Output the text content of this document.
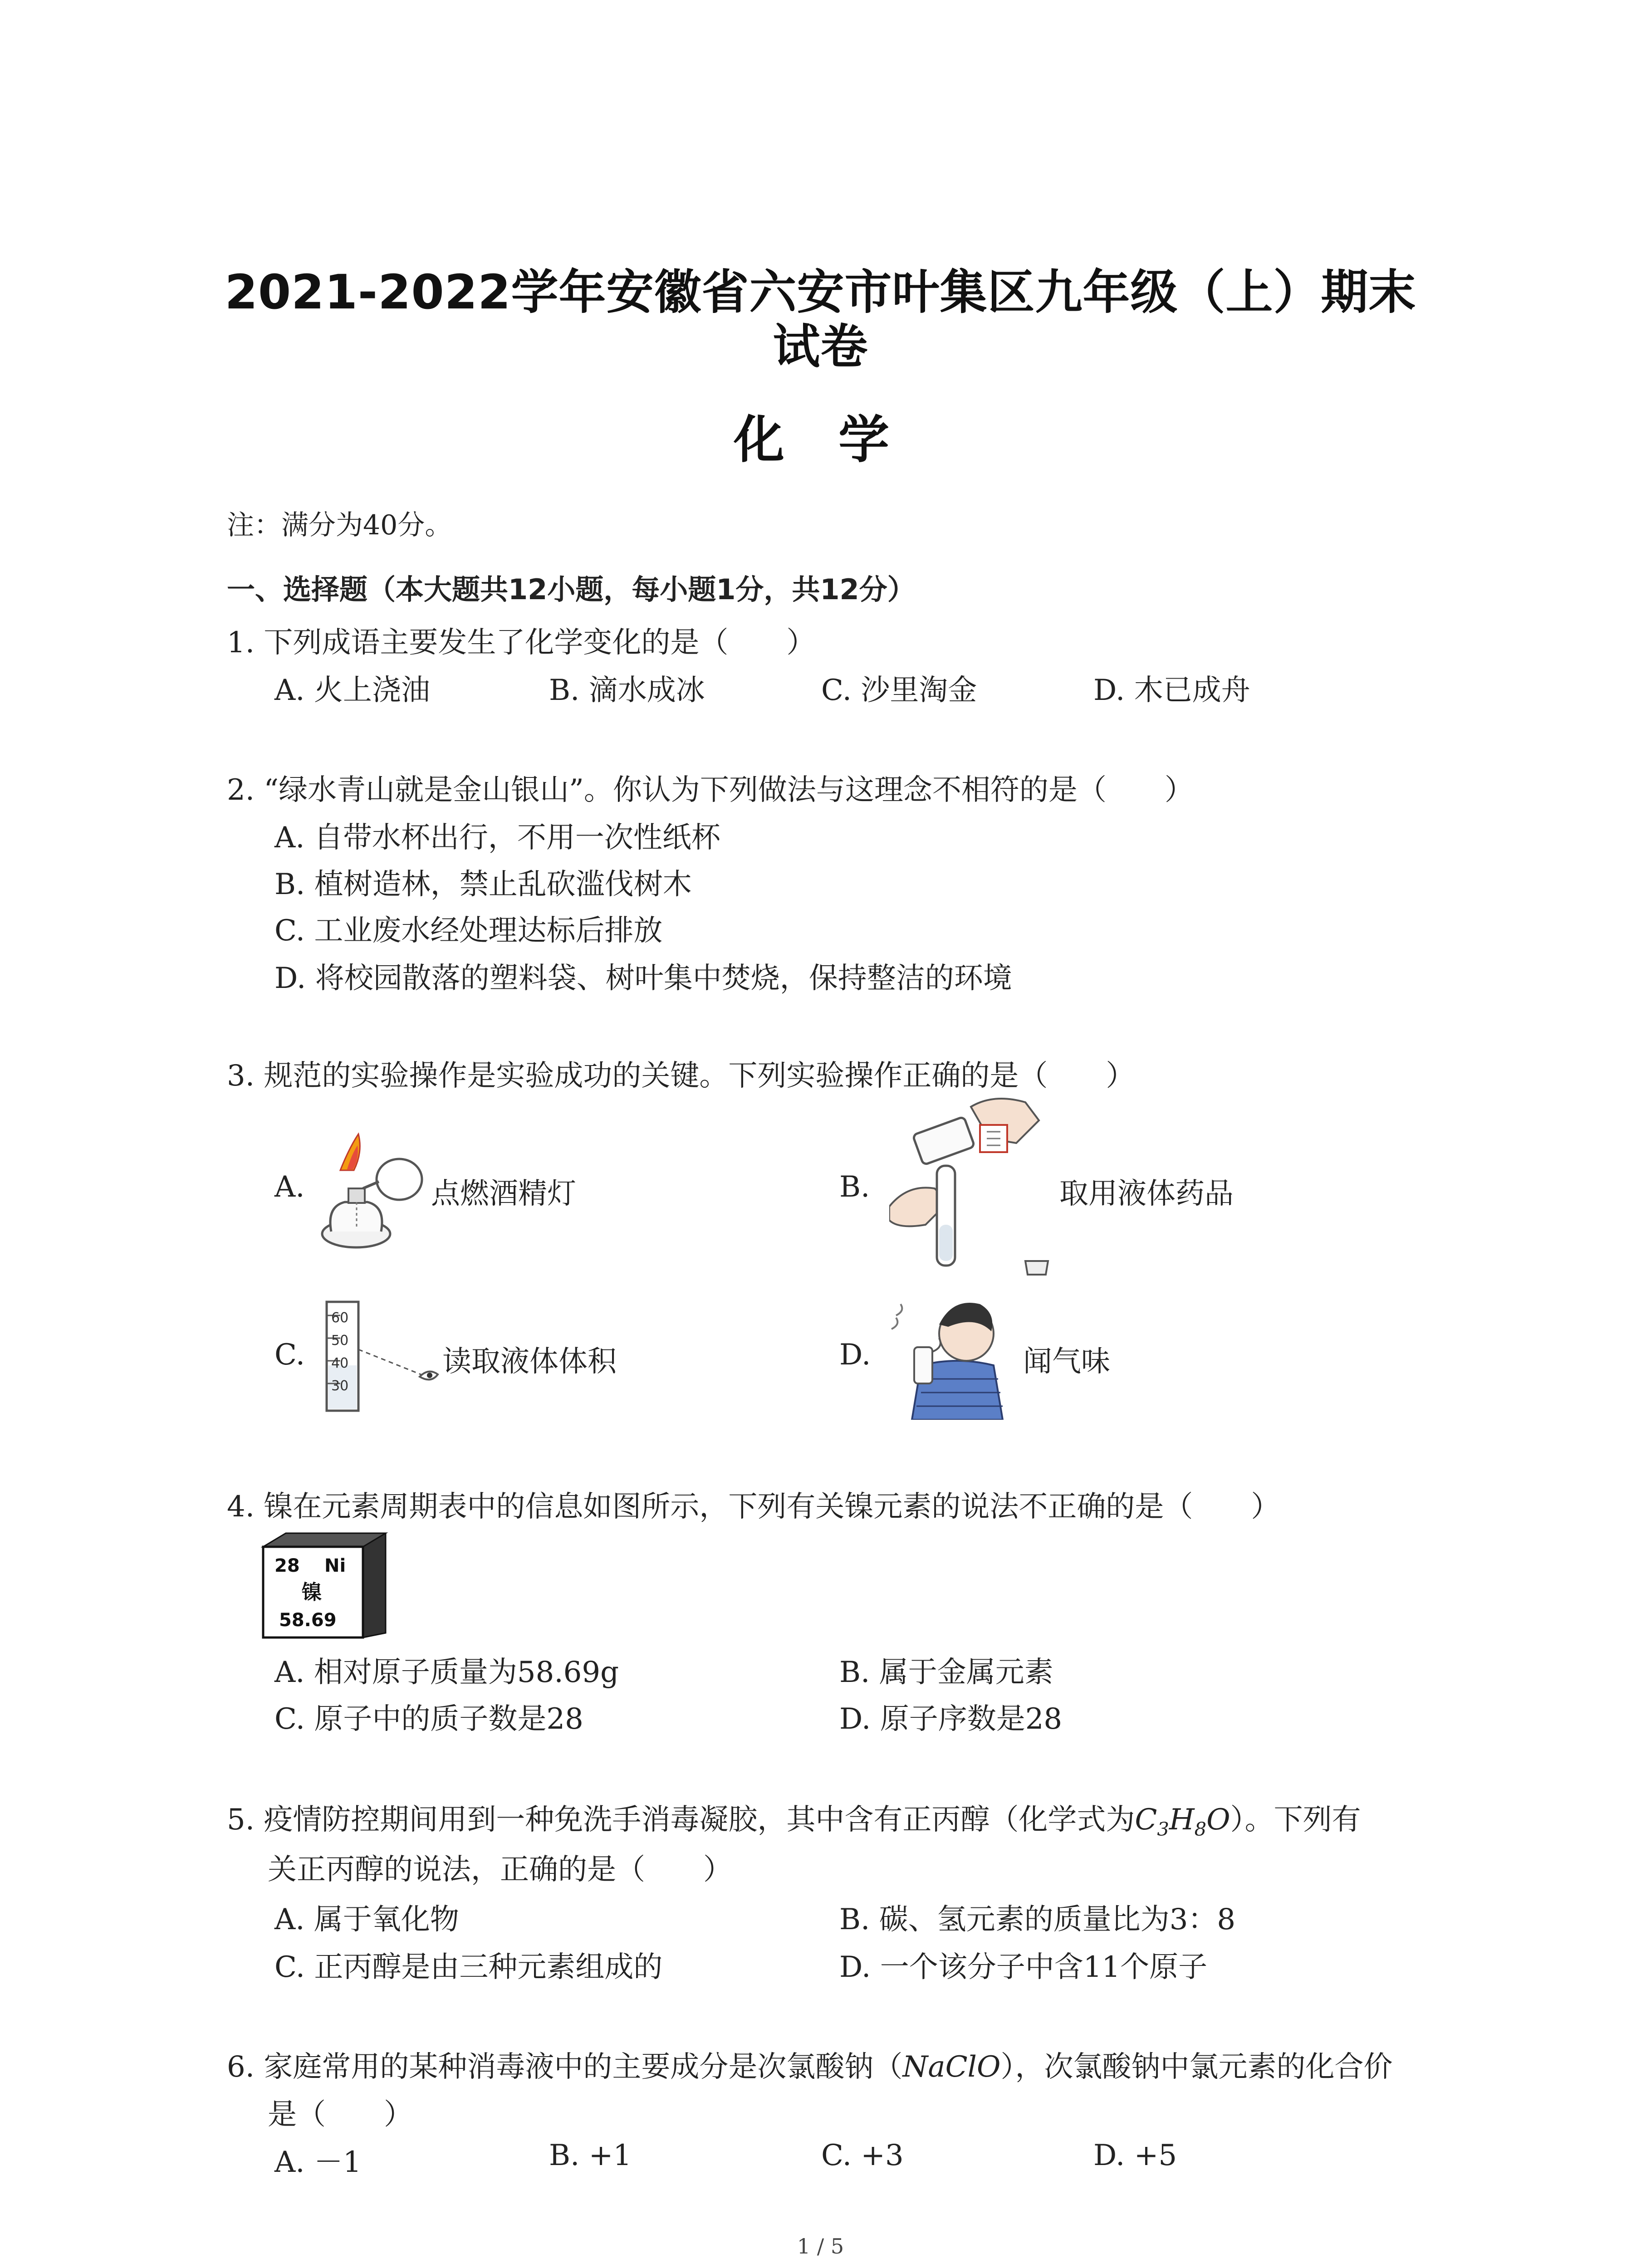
2021-2022学年安徽省六安市叶集区九年级（上）期末
试卷
化 学
注：满分为40分。
一、选择题（本大题共12小题，每小题1分，共12分）
1. 下列成语主要发生了化学变化的是（　　）
A. 火上浇油	B. 滴水成冰	C. 沙里淘金	D. 木已成舟
2. “绿水青山就是金山银山”。你认为下列做法与这理念不相符的是（　　）
A. 自带水杯出行，不用一次性纸杯
B. 植树造林，禁止乱砍滥伐树木
C. 工业废水经处理达标后排放
D. 将校园散落的塑料袋、树叶集中焚烧，保持整洁的环境
3. 规范的实验操作是实验成功的关键。下列实验操作正确的是（　　）
A.	点燃酒精灯	B.	取用液体药品
C.
60
50
40
30
读取液体体积	D.	闻气味
4. 镍在元素周期表中的信息如图所示，下列有关镍元素的说法不正确的是（　　）
28 Ni
镍
58.69
A. 相对原子质量为58.69g	B. 属于金属元素
C. 原子中的质子数是28	D. 原子序数是28
5. 疫情防控期间用到一种免洗手消毒凝胶，其中含有正丙醇（化学式为$C_3H_8O$）。下列有
关正丙醇的说法，正确的是（　　）
A. 属于氧化物	B. 碳、氢元素的质量比为3：8
C. 正丙醇是由三种元素组成的	D. 一个该分子中含11个原子
6. 家庭常用的某种消毒液中的主要成分是次氯酸钠（NaClO），次氯酸钠中氯元素的化合价
是（　　）
A. －1	B. +1	C. +3	D. +5
1 / 5
